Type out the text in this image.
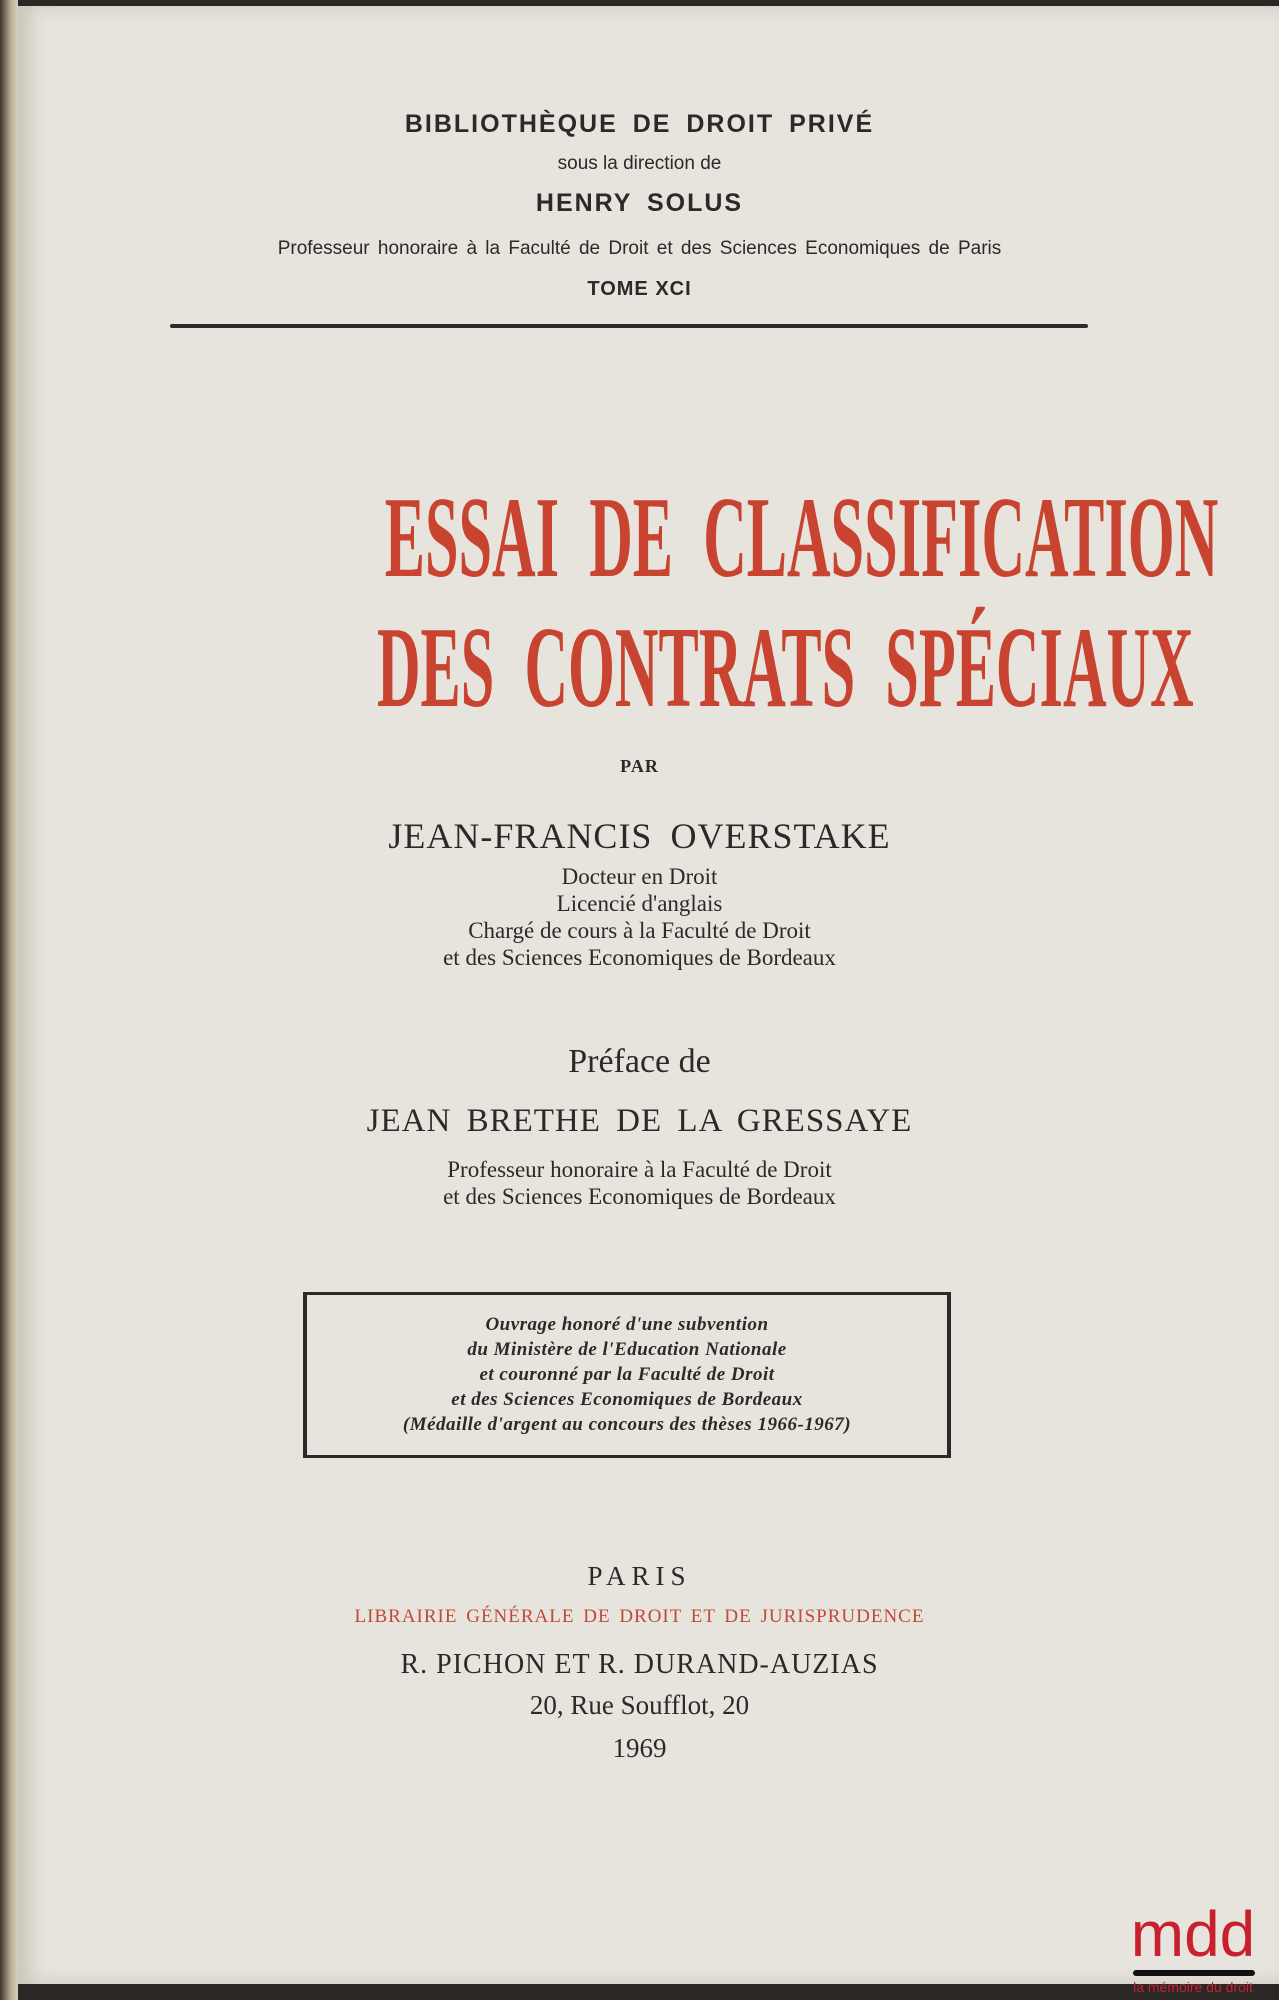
BIBLIOTHÈQUE DE DROIT PRIVÉ
sous la direction de
HENRY SOLUS
Professeur honoraire à la Faculté de Droit et des Sciences Economiques de Paris
TOME XCI
ESSAI DE CLASSIFICATION
DES CONTRATS SPÉCIAUX
PAR
JEAN-FRANCIS OVERSTAKE
Docteur en Droit
Licencié d'anglais
Chargé de cours à la Faculté de Droit
et des Sciences Economiques de Bordeaux
Préface de
JEAN BRETHE DE LA GRESSAYE
Professeur honoraire à la Faculté de Droit
et des Sciences Economiques de Bordeaux
Ouvrage honoré d'une subvention
du Ministère de l'Education Nationale
et couronné par la Faculté de Droit
et des Sciences Economiques de Bordeaux
(Médaille d'argent au concours des thèses 1966-1967)
PARIS
LIBRAIRIE GÉNÉRALE DE DROIT ET DE JURISPRUDENCE
R. PICHON ET R. DURAND-AUZIAS
20, Rue Soufflot, 20
1969
mdd
la mémoire du droit
